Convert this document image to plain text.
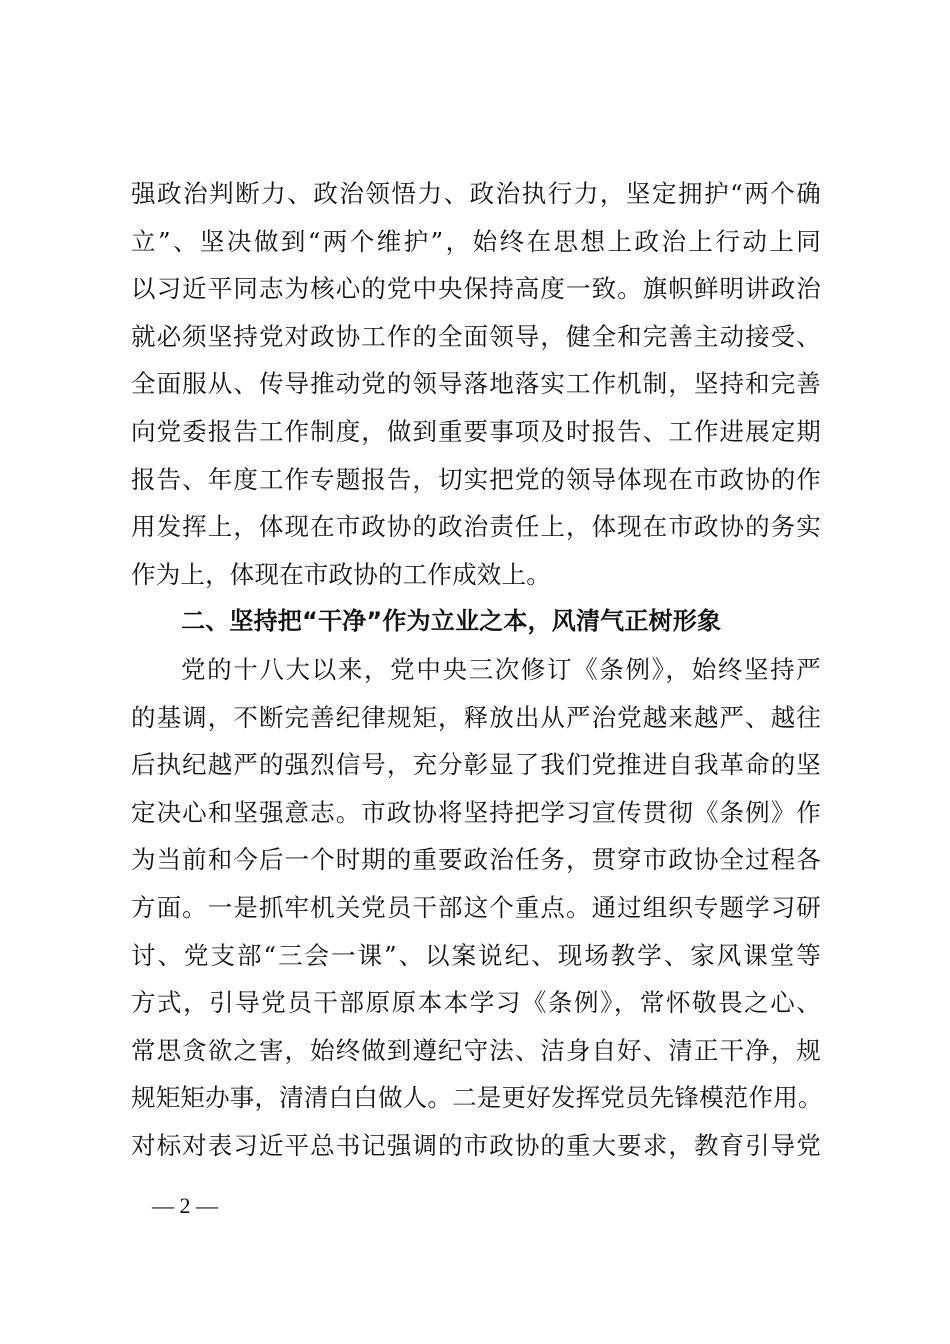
强政治判断力、政治领悟力、政治执行力，坚定拥护“两个确
立”、坚决做到“两个维护”，始终在思想上政治上行动上同
以习近平同志为核心的党中央保持高度一致。旗帜鲜明讲政治
就必须坚持党对政协工作的全面领导，健全和完善主动接受、
全面服从、传导推动党的领导落地落实工作机制，坚持和完善
向党委报告工作制度，做到重要事项及时报告、工作进展定期
报告、年度工作专题报告，切实把党的领导体现在市政协的作
用发挥上，体现在市政协的政治责任上，体现在市政协的务实
作为上，体现在市政协的工作成效上。
二、坚持把“干净”作为立业之本，风清气正树形象
党的十八大以来，党中央三次修订《条例》，始终坚持严
的基调，不断完善纪律规矩，释放出从严治党越来越严、越往
后执纪越严的强烈信号，充分彰显了我们党推进自我革命的坚
定决心和坚强意志。市政协将坚持把学习宣传贯彻《条例》作
为当前和今后一个时期的重要政治任务，贯穿市政协全过程各
方面。一是抓牢机关党员干部这个重点。通过组织专题学习研
讨、党支部“三会一课”、以案说纪、现场教学、家风课堂等
方式，引导党员干部原原本本学习《条例》，常怀敬畏之心、
常思贪欲之害，始终做到遵纪守法、洁身自好、清正干净，规
规矩矩办事，清清白白做人。二是更好发挥党员先锋模范作用。
对标对表习近平总书记强调的市政协的重大要求，教育引导党
— 2 —
